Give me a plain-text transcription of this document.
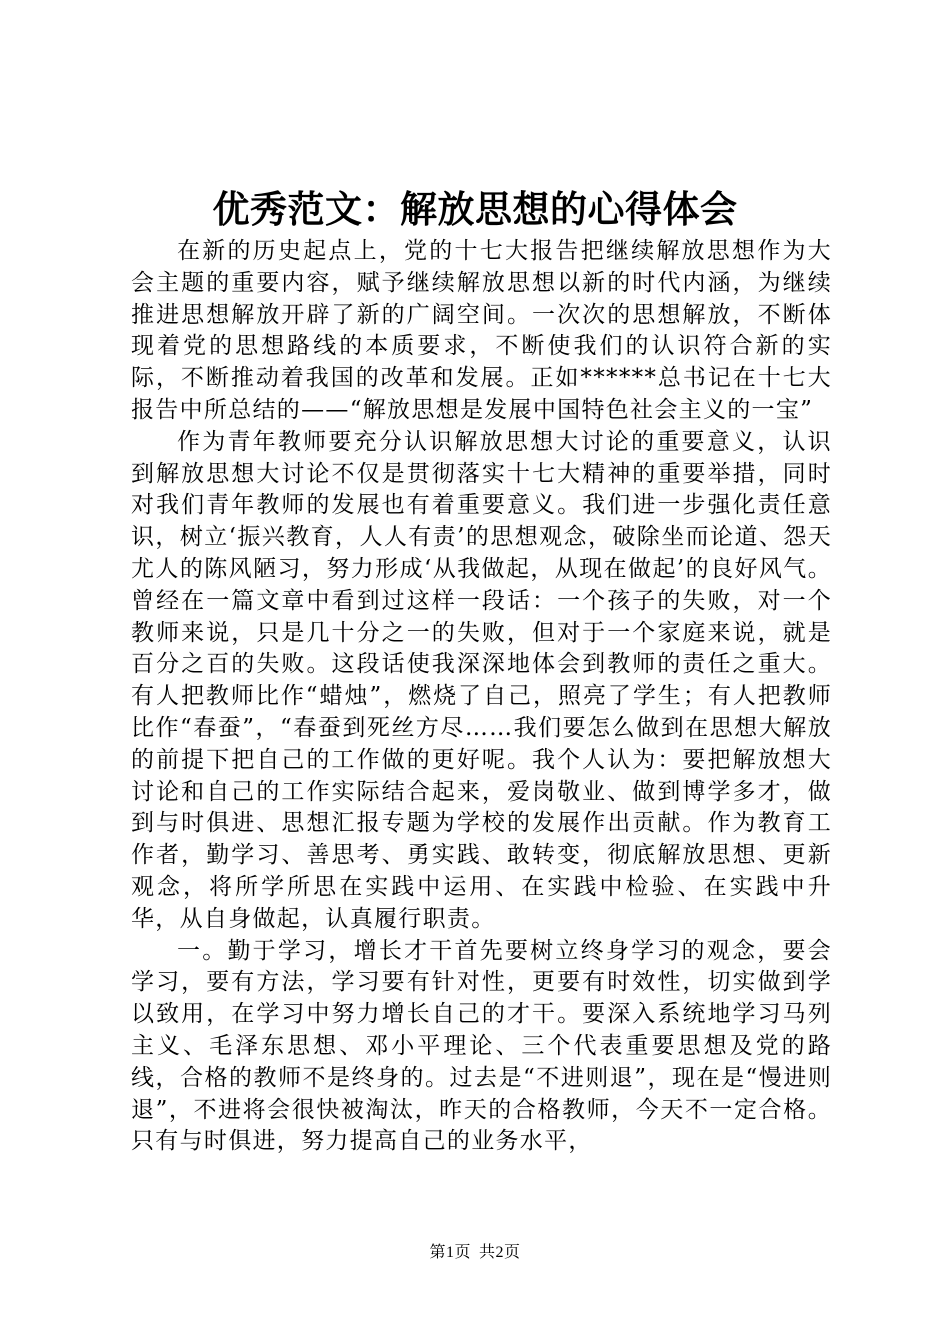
优秀范文：解放思想的心得体会

在新的历史起点上，党的十七大报告把继续解放思想作为大会主题的重要内容，赋予继续解放思想以新的时代内涵，为继续推进思想解放开辟了新的广阔空间。一次次的思想解放，不断体现着党的思想路线的本质要求，不断使我们的认识符合新的实际，不断推动着我国的改革和发展。正如******总书记在十七大报告中所总结的——“解放思想是发展中国特色社会主义的一宝”

作为青年教师要充分认识解放思想大讨论的重要意义，认识到解放思想大讨论不仅是贯彻落实十七大精神的重要举措，同时对我们青年教师的发展也有着重要意义。我们进一步强化责任意识，树立‘振兴教育，人人有责’的思想观念，破除坐而论道、怨天尤人的陈风陋习，努力形成‘从我做起，从现在做起’的良好风气。曾经在一篇文章中看到过这样一段话：一个孩子的失败，对一个教师来说，只是几十分之一的失败，但对于一个家庭来说，就是百分之百的失败。这段话使我深深地体会到教师的责任之重大。有人把教师比作“蜡烛”，燃烧了自己，照亮了学生；有人把教师比作“春蚕”，“春蚕到死丝方尽……我们要怎么做到在思想大解放的前提下把自己的工作做的更好呢。我个人认为：要把解放想大讨论和自己的工作实际结合起来，爱岗敬业、做到博学多才，做到与时俱进、思想汇报专题为学校的发展作出贡献。作为教育工作者，勤学习、善思考、勇实践、敢转变，彻底解放思想、更新观念，将所学所思在实践中运用、在实践中检验、在实践中升华，从自身做起，认真履行职责。

一。勤于学习，增长才干首先要树立终身学习的观念，要会学习，要有方法，学习要有针对性，更要有时效性，切实做到学以致用，在学习中努力增长自己的才干。要深入系统地学习马列主义、毛泽东思想、邓小平理论、三个代表重要思想及党的路线，合格的教师不是终身的。过去是“不进则退”，现在是“慢进则退”，不进将会很快被淘汰，昨天的合格教师，今天不一定合格。只有与时俱进，努力提高自己的业务水平，

第1页 共2页
